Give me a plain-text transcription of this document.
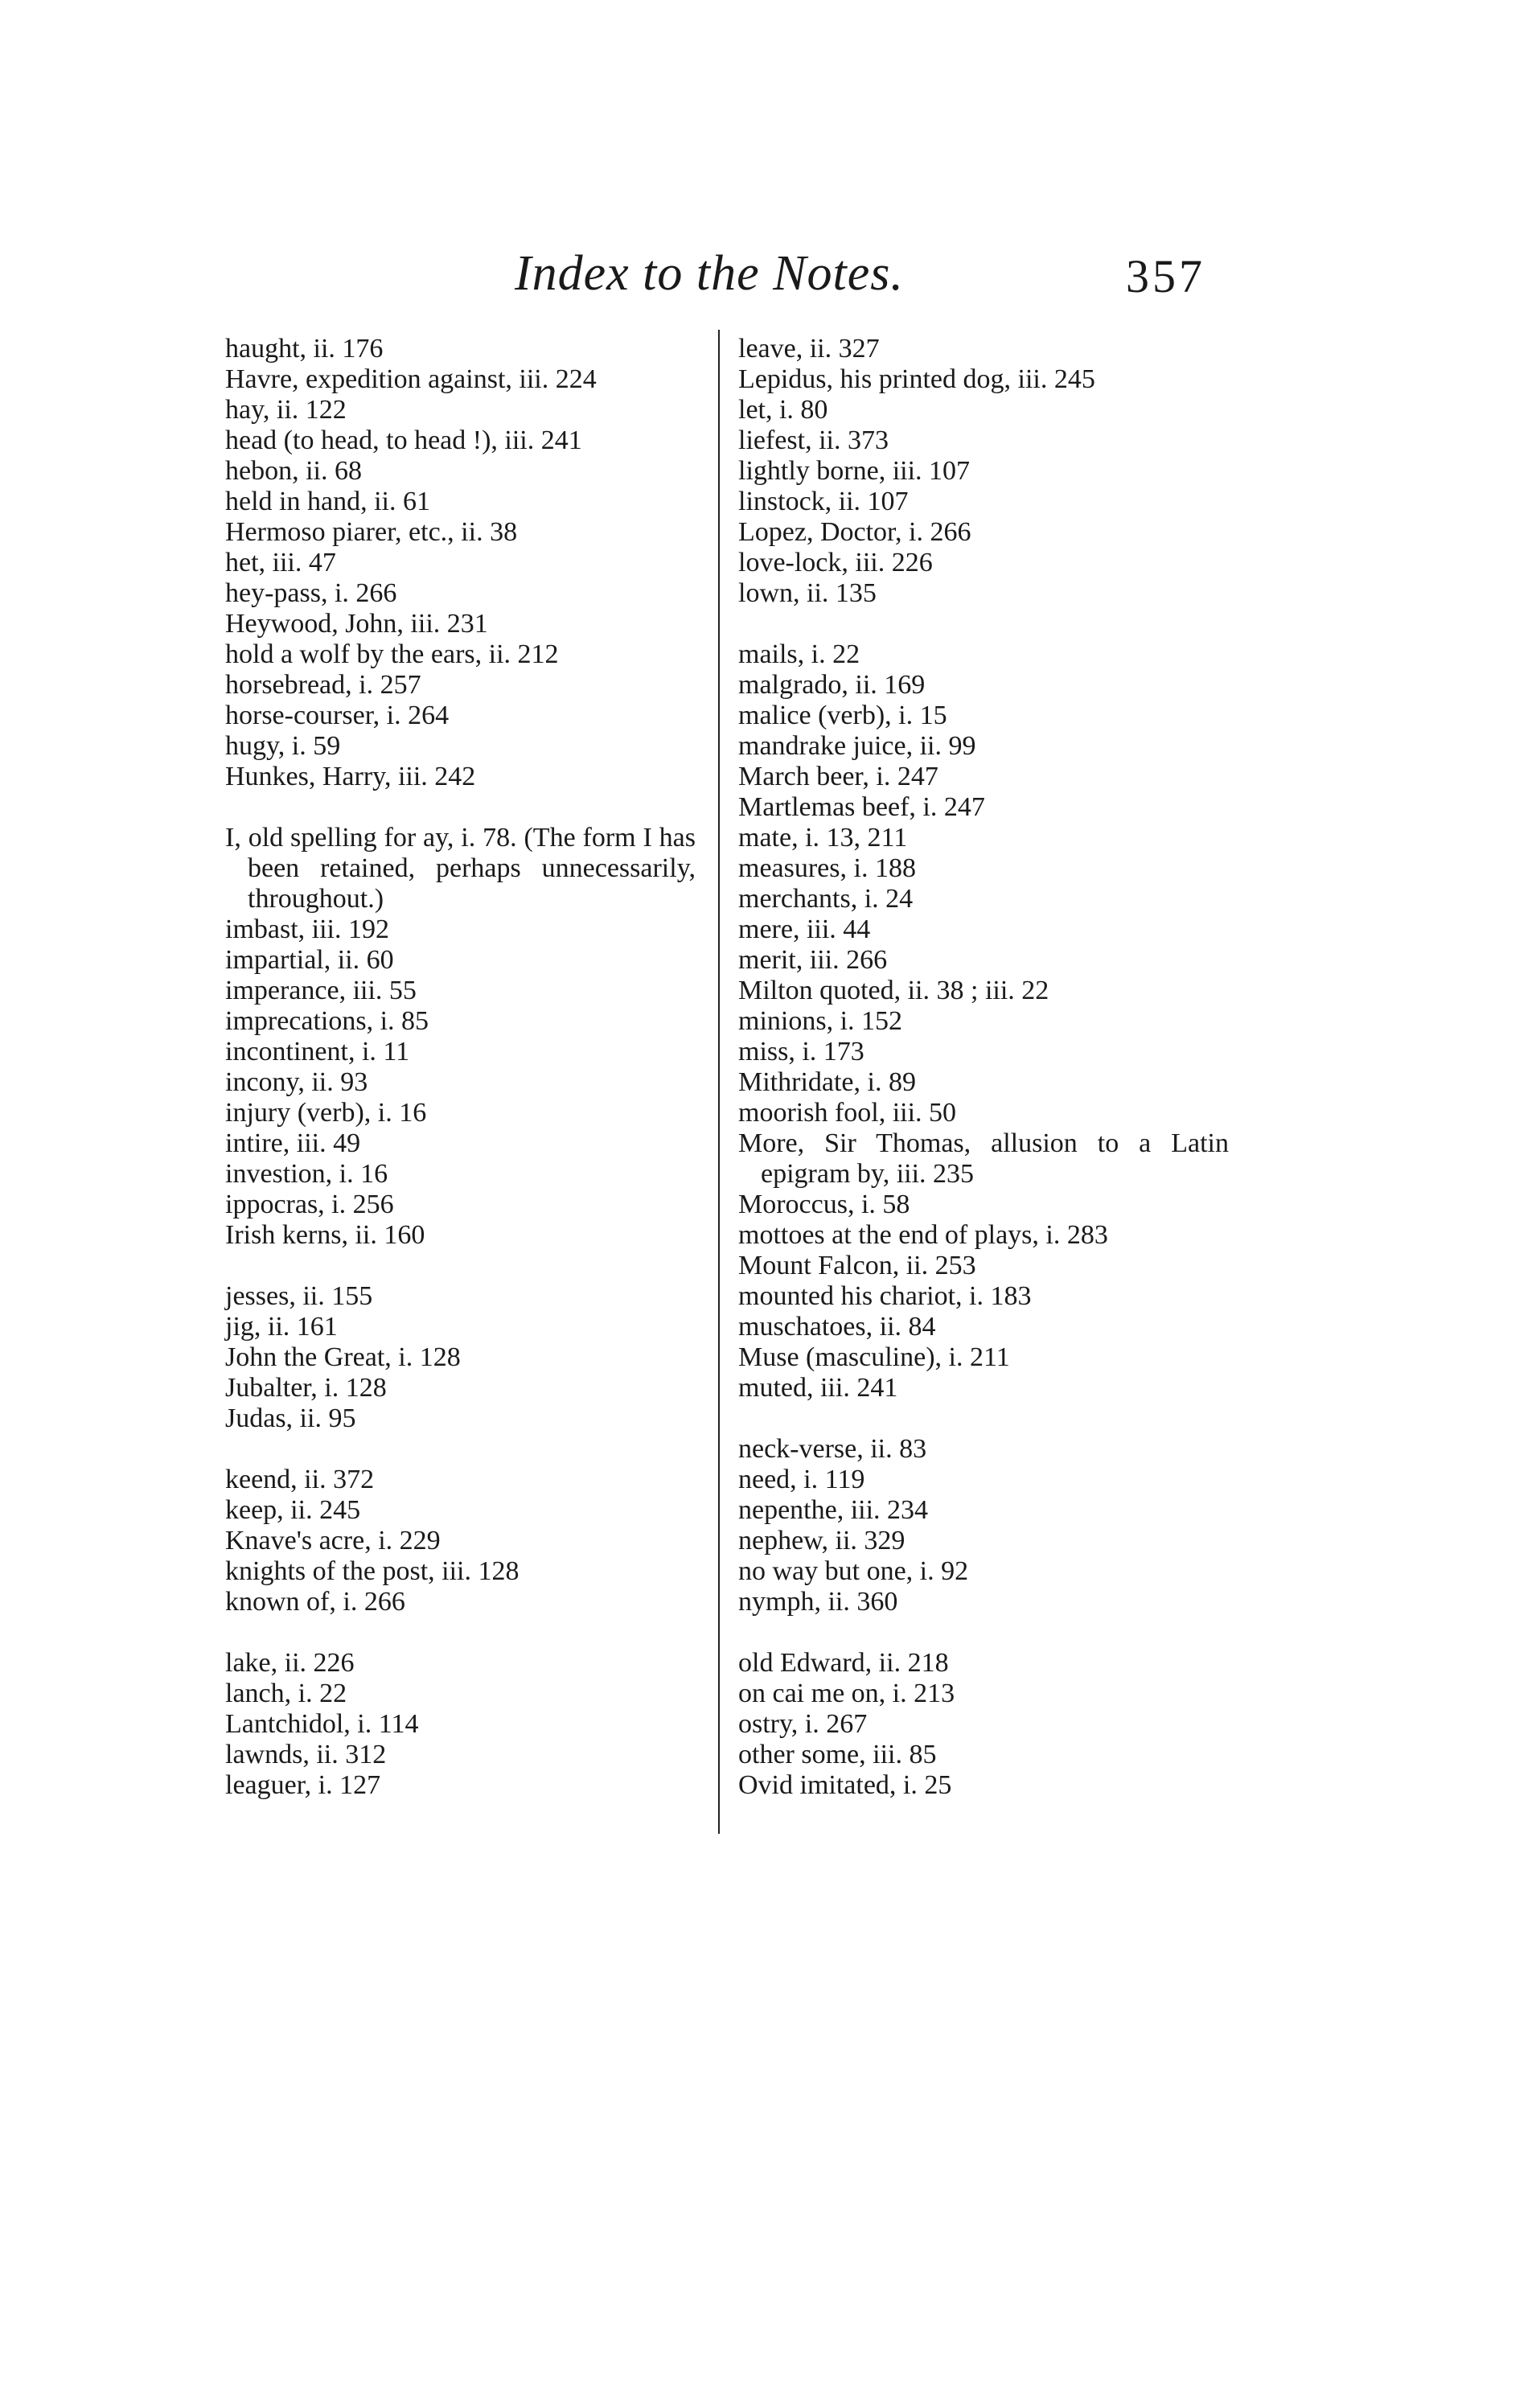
Index to the Notes.	357

haught, ii. 176

Havre, expedition against, iii. 224

hay, ii. 122

head (to head, to head !), iii. 241

hebon, ii. 68

held in hand, ii. 61

Hermoso piarer, etc., ii. 38

het, iii. 47

hey-pass, i. 266

Heywood, John, iii. 231

hold a wolf by the ears, ii. 212

horsebread, i. 257

horse-courser, i. 264

hugy, i. 59

Hunkes, Harry, iii. 242

I, old spelling for ay, i. 78. (The form I has been retained, perhaps unnecessarily, throughout.)

imbast, iii. 192

impartial, ii. 60

imperance, iii. 55

imprecations, i. 85

incontinent, i. 11

incony, ii. 93

injury (verb), i. 16

intire, iii. 49

investion, i. 16

ippocras, i. 256

Irish kerns, ii. 160

jesses, ii. 155

jig, ii. 161

John the Great, i. 128

Jubalter, i. 128

Judas, ii. 95

keend, ii. 372

keep, ii. 245

Knave's acre, i. 229

knights of the post, iii. 128

known of, i. 266

lake, ii. 226

lanch, i. 22

Lantchidol, i. 114

lawnds, ii. 312

leaguer, i. 127

leave, ii. 327

Lepidus, his printed dog, iii. 245

let, i. 80

liefest, ii. 373

lightly borne, iii. 107

linstock, ii. 107

Lopez, Doctor, i. 266

love-lock, iii. 226

lown, ii. 135

mails, i. 22

malgrado, ii. 169

malice (verb), i. 15

mandrake juice, ii. 99

March beer, i. 247

Martlemas beef, i. 247

mate, i. 13, 211

measures, i. 188

merchants, i. 24

mere, iii. 44

merit, iii. 266

Milton quoted, ii. 38 ; iii. 22

minions, i. 152

miss, i. 173

Mithridate, i. 89

moorish fool, iii. 50

More, Sir Thomas, allusion to a Latin epigram by, iii. 235

Moroccus, i. 58

mottoes at the end of plays, i. 283

Mount Falcon, ii. 253

mounted his chariot, i. 183

muschatoes, ii. 84

Muse (masculine), i. 211

muted, iii. 241

neck-verse, ii. 83

need, i. 119

nepenthe, iii. 234

nephew, ii. 329

no way but one, i. 92

nymph, ii. 360

old Edward, ii. 218

on cai me on, i. 213

ostry, i. 267

other some, iii. 85

Ovid imitated, i. 25
